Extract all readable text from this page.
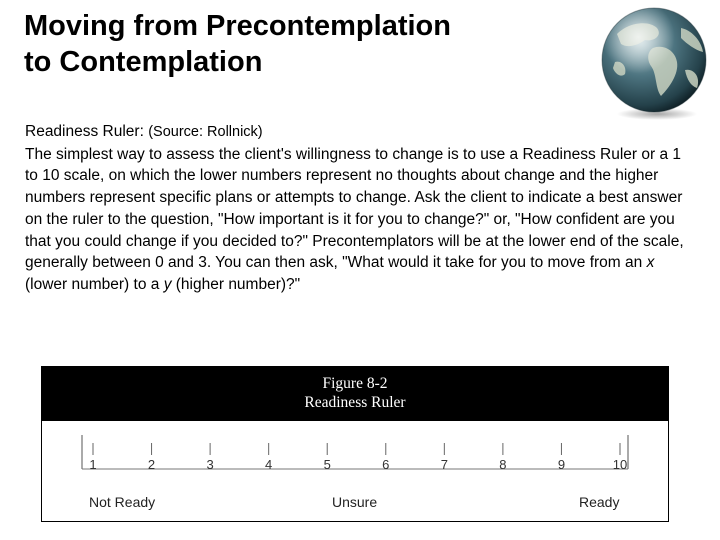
Moving from Precontemplation
to Contemplation

Readiness Ruler: (Source: Rollnick)

The simplest way to assess the client's willingness to change is to use a Readiness Ruler or a 1 to 10 scale, on which the lower numbers represent no thoughts about change and the higher numbers represent specific plans or attempts to change. Ask the client to indicate a best answer on the ruler to the question, "How important is it for you to change?" or, "How confident are you that you could change if you decided to?" Precontemplators will be at the lower end of the scale, generally between 0 and 3. You can then ask, "What would it take for you to move from an x (lower number) to a y (higher number)?"

Figure 8-2
Readiness Ruler
1	2	3	4	5	6	7	8	9	10
Not Ready	Unsure	Ready
